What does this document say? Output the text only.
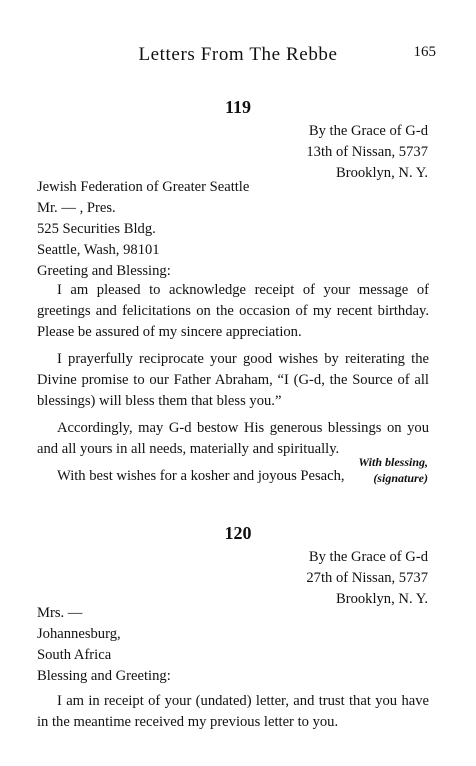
Letters From The Rebbe	165
119
By the Grace of G-d
13th of Nissan, 5737
Brooklyn, N. Y.
Jewish Federation of Greater Seattle
Mr. — , Pres.
525 Securities Bldg.
Seattle, Wash, 98101
Greeting and Blessing:

I am pleased to acknowledge receipt of your message of greetings and felicitations on the occasion of my recent birthday. Please be assured of my sincere appreciation.

I prayerfully reciprocate your good wishes by reiterating the Divine promise to our Father Abraham, “I (G-d, the Source of all blessings) will bless them that bless you.”

Accordingly, may G-d bestow His generous blessings on you and all yours in all needs, materially and spiritually.

With best wishes for a kosher and joyous Pesach,

With blessing,
(signature)
120
By the Grace of G-d
27th of Nissan, 5737
Brooklyn, N. Y.
Mrs. —
Johannesburg,
South Africa
Blessing and Greeting:

I am in receipt of your (undated) letter, and trust that you have in the meantime received my previous letter to you.
